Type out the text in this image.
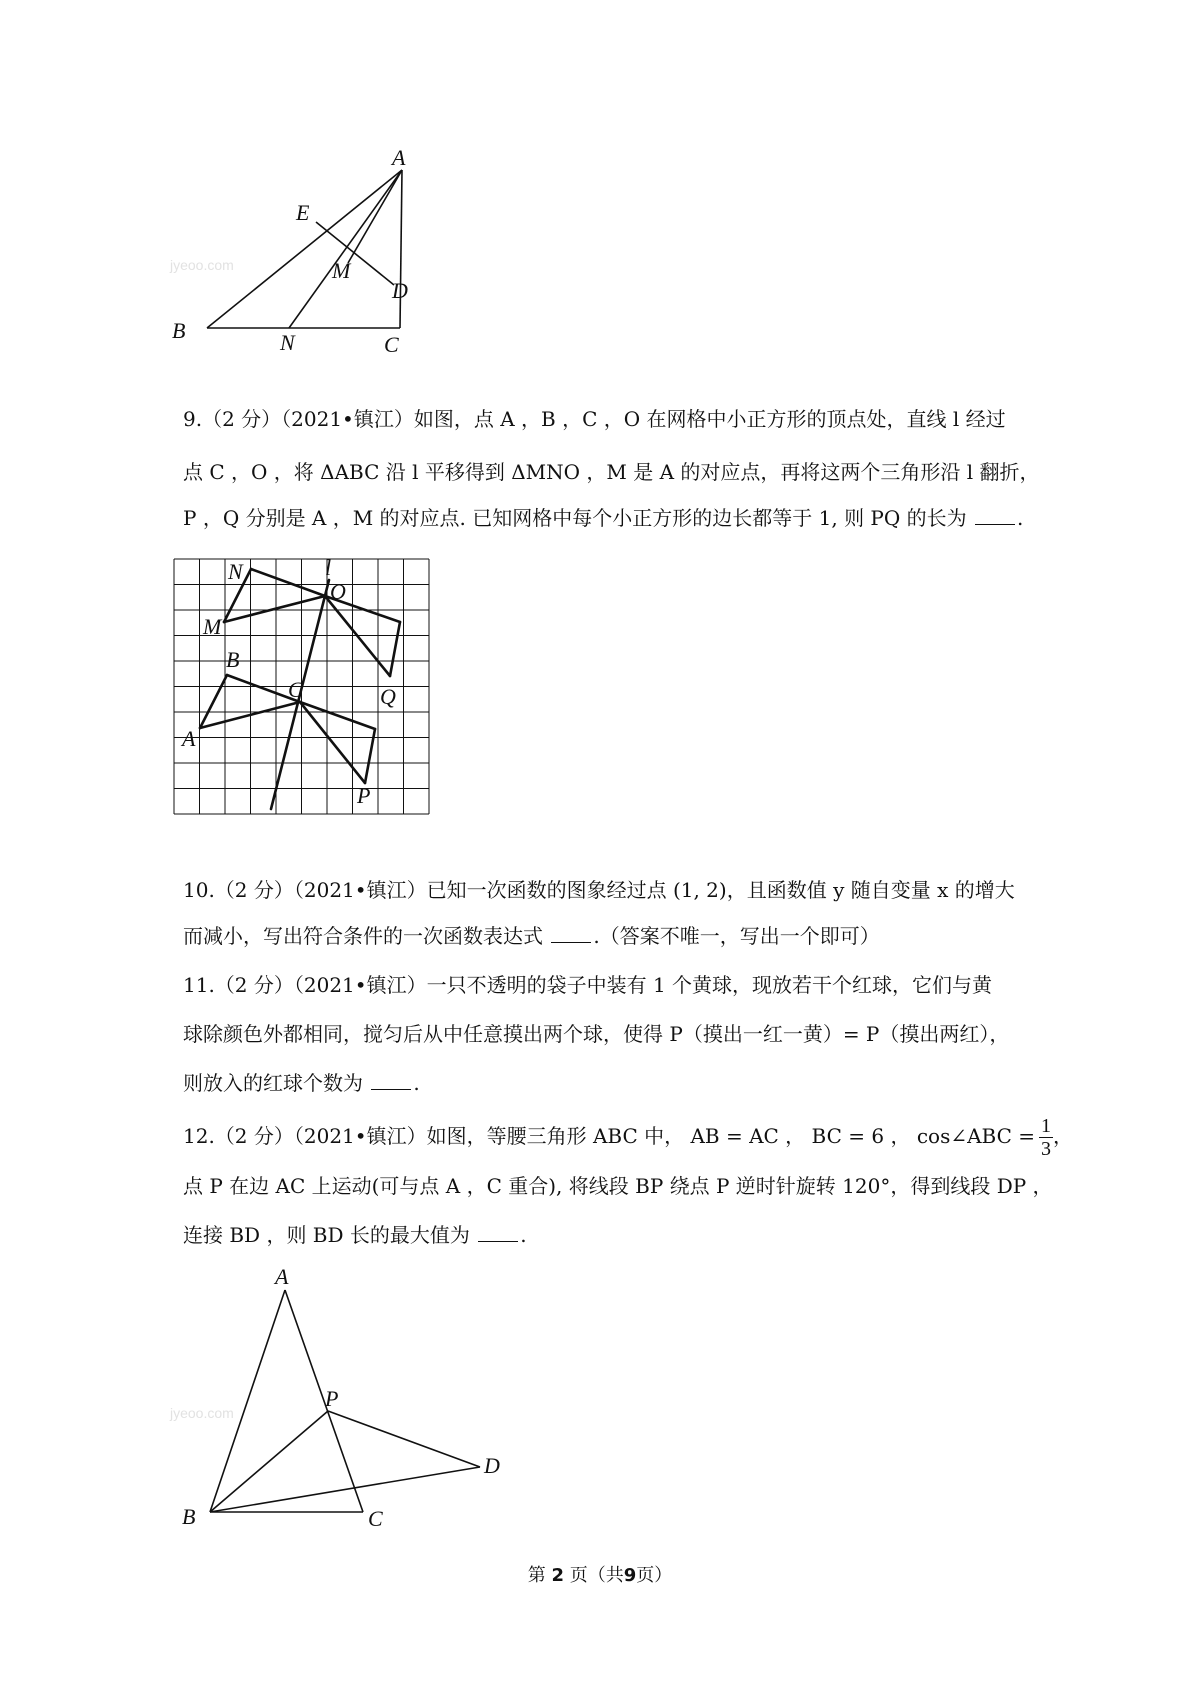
jyeoo.com
A
E
M
D
B	N	C
9.（2 分）（2021•镇江）如图，点 A ，B ，C ，O 在网格中小正方形的顶点处，直线 l 经过
点 C ，O ，将 ΔABC 沿 l 平移得到 ΔMNO ，M 是 A 的对应点，再将这两个三角形沿 l 翻折，
P ，Q 分别是 A ，M 的对应点. 已知网格中每个小正方形的边长都等于 1, 则 PQ 的长为	.
N	l
O
M
B
C	Q
A
P
10.（2 分）（2021•镇江）已知一次函数的图象经过点 (1, 2)，且函数值 y 随自变量 x 的增大
而减小，写出符合条件的一次函数表达式	.（答案不唯一，写出一个即可）
11.（2 分）（2021•镇江）一只不透明的袋子中装有 1 个黄球，现放若干个红球，它们与黄
球除颜色外都相同，搅匀后从中任意摸出两个球，使得 P（摸出一红一黄）= P（摸出两红），
则放入的红球个数为	.
12.（2 分）（2021•镇江）如图，等腰三角形 ABC 中， AB = AC ， BC = 6 ， cos∠ABC = $\frac{1}{3}$ ，
点 P 在边 AC 上运动(可与点 A ，C 重合), 将线段 BP 绕点 P 逆时针旋转 120°，得到线段 DP ，
连接 BD ，则 BD 长的最大值为	.
jyeoo.com
A
P
D
B	C
第 2 页（共9页）
